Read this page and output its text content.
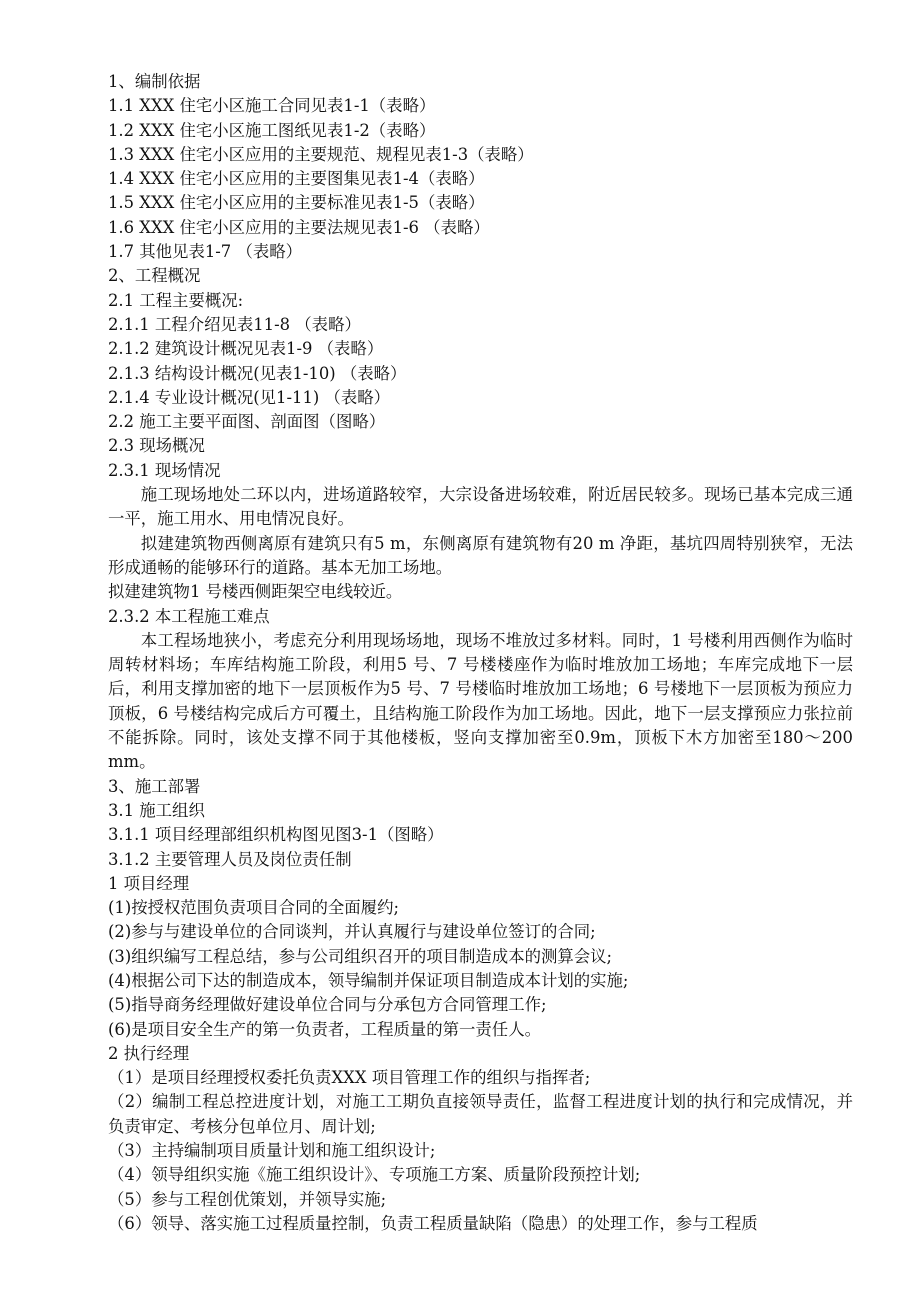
1、编制依据
1.1 XXX 住宅小区施工合同见表1-1（表略）
1.2 XXX 住宅小区施工图纸见表1-2（表略）
1.3 XXX 住宅小区应用的主要规范、规程见表1-3（表略）
1.4 XXX 住宅小区应用的主要图集见表1-4（表略）
1.5 XXX 住宅小区应用的主要标准见表1-5（表略）
1.6 XXX 住宅小区应用的主要法规见表1-6 （表略）
1.7 其他见表1-7 （表略）
2、工程概况
2.1 工程主要概况:
2.1.1 工程介绍见表11-8 （表略）
2.1.2 建筑设计概况见表1-9 （表略）
2.1.3 结构设计概况(见表1-10) （表略）
2.1.4 专业设计概况(见1-11) （表略）
2.2 施工主要平面图、剖面图（图略）
2.3 现场概况
2.3.1 现场情况
施工现场地处二环以内，进场道路较窄，大宗设备进场较难，附近居民较多。现场已基本完成三通一平，施工用水、用电情况良好。
拟建建筑物西侧离原有建筑只有5 m，东侧离原有建筑物有20 m 净距，基坑四周特别狭窄，无法形成通畅的能够环行的道路。基本无加工场地。
拟建建筑物1 号楼西侧距架空电线较近。
2.3.2 本工程施工难点
本工程场地狭小，考虑充分利用现场场地，现场不堆放过多材料。同时，1 号楼利用西侧作为临时周转材料场；车库结构施工阶段，利用5 号、7 号楼楼座作为临时堆放加工场地；车库完成地下一层后，利用支撑加密的地下一层顶板作为5 号、7 号楼临时堆放加工场地；6 号楼地下一层顶板为预应力顶板，6 号楼结构完成后方可覆土，且结构施工阶段作为加工场地。因此，地下一层支撑预应力张拉前不能拆除。同时，该处支撑不同于其他楼板，竖向支撑加密至0.9m，顶板下木方加密至180～200 mm。
3、施工部署
3.1 施工组织
3.1.1 项目经理部组织机构图见图3-1（图略）
3.1.2 主要管理人员及岗位责任制
1 项目经理
(1)按授权范围负责项目合同的全面履约;
(2)参与与建设单位的合同谈判，并认真履行与建设单位签订的合同;
(3)组织编写工程总结，参与公司组织召开的项目制造成本的测算会议;
(4)根据公司下达的制造成本，领导编制并保证项目制造成本计划的实施;
(5)指导商务经理做好建设单位合同与分承包方合同管理工作;
(6)是项目安全生产的第一负责者，工程质量的第一责任人。
2 执行经理
（1）是项目经理授权委托负责XXX 项目管理工作的组织与指挥者;
（2）编制工程总控进度计划，对施工工期负直接领导责任，监督工程进度计划的执行和完成情况，并负责审定、考核分包单位月、周计划;
（3）主持编制项目质量计划和施工组织设计;
（4）领导组织实施《施工组织设计》、专项施工方案、质量阶段预控计划;
（5）参与工程创优策划，并领导实施;
（6）领导、落实施工过程质量控制，负责工程质量缺陷（隐患）的处理工作，参与工程质
